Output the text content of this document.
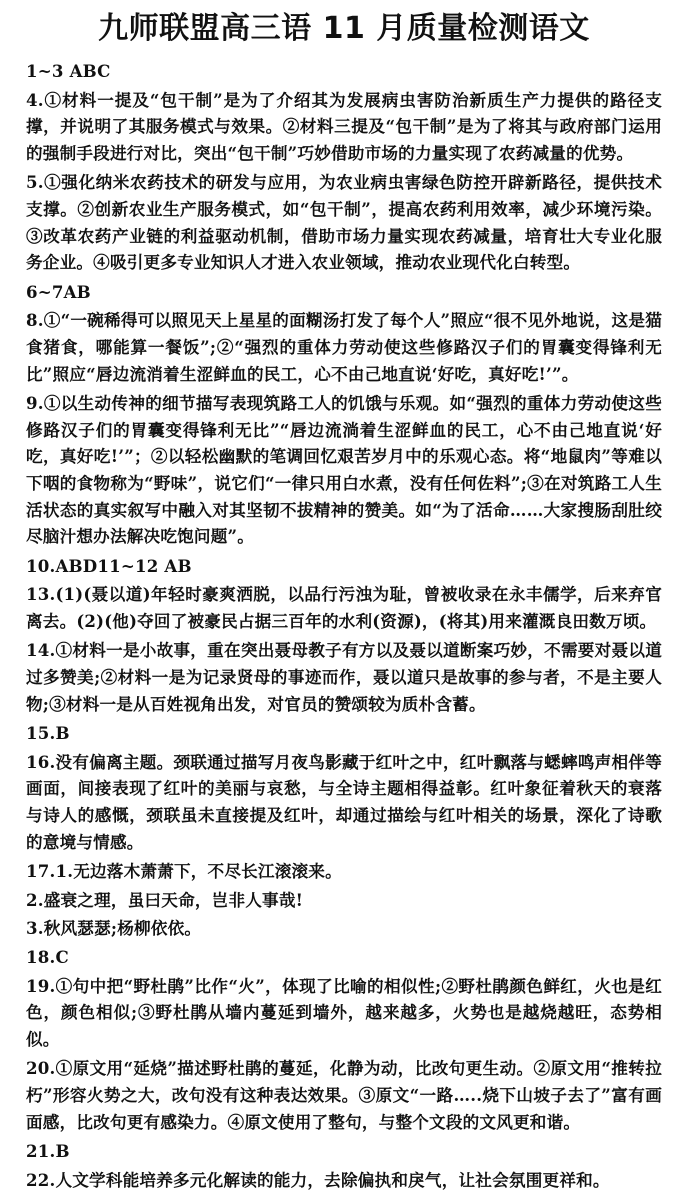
九师联盟高三语 11 月质量检测语文
1~3 ABC
4.①材料一提及“包干制”是为了介绍其为发展病虫害防治新质生产力提供的路径支撑，并说明了其服务模式与效果。②材料三提及“包干制”是为了将其与政府部门运用的强制手段进行对比，突出“包干制”巧妙借助市场的力量实现了农药减量的优势。
5.①强化纳米农药技术的研发与应用，为农业病虫害绿色防控开辟新路径，提供技术支撑。②创新农业生产服务模式，如“包干制”，提高农药利用效率，减少环境污染。③改革农药产业链的利益驱动机制，借助市场力量实现农药减量，培育壮大专业化服务企业。④吸引更多专业知识人才进入农业领域，推动农业现代化白转型。
6~7AB
8.①“一碗稀得可以照见天上星星的面糊汤打发了每个人”照应“很不见外地说，这是猫食猪食，哪能算一餐饭”;②“强烈的重体力劳动使这些修路汉子们的胃囊变得锋利无比”照应“唇边流消着生涩鲜血的民工，心不由己地直说‘好吃，真好吃!’”。
9.①以生动传神的细节描写表现筑路工人的饥饿与乐观。如“强烈的重体力劳动使这些修路汉子们的胃囊变得锋利无比”“唇边流淌着生涩鲜血的民工，心不由己地直说‘好吃，真好吃!’”；②以轻松幽默的笔调回忆艰苦岁月中的乐观心态。将“地鼠肉”等难以下咽的食物称为“野味”，说它们“一律只用白水煮，没有任何佐料”;③在对筑路工人生活状态的真实叙写中融入对其坚韧不拔精神的赞美。如“为了活命……大家搜肠刮肚绞尽脑汁想办法解决吃饱问题”。
10.ABD11~12 AB
13.(1)(聂以道)年轻时豪爽洒脱，以品行污浊为耻，曾被收录在永丰儒学，后来弃官离去。(2)(他)夺回了被豪民占据三百年的水利(资源)，(将其)用来灌溉良田数万顷。
14.①材料一是小故事，重在突出聂母教子有方以及聂以道断案巧妙，不需要对聂以道过多赞美;②材料一是为记录贤母的事迹而作，聂以道只是故事的参与者，不是主要人物;③材料一是从百姓视角出发，对官员的赞颂较为质朴含蓄。
15.B
16.没有偏离主题。颈联通过描写月夜鸟影藏于红叶之中，红叶飘落与蟋蟀鸣声相伴等画面，间接表现了红叶的美丽与哀愁，与全诗主题相得益彰。红叶象征着秋天的衰落与诗人的感慨，颈联虽未直接提及红叶，却通过描绘与红叶相关的场景，深化了诗歌的意境与情感。
17.1.无边落木萧萧下，不尽长江滚滚来。
2.盛衰之理，虽曰天命，岂非人事哉!
3.秋风瑟瑟;杨柳依依。
18.C
19.①句中把“野杜鹃”比作“火”，体现了比喻的相似性;②野杜鹃颜色鲜红，火也是红色，颜色相似;③野杜鹃从墙内蔓延到墙外，越来越多，火势也是越烧越旺，态势相似。
20.①原文用“延烧”描述野杜鹃的蔓延，化静为动，比改句更生动。②原文用“推转拉朽”形容火势之大，改句没有这种表达效果。③原文“一路…..烧下山坡子去了”富有画面感，比改句更有感染力。④原文使用了整句，与整个文段的文风更和谐。
21.B
22.人文学科能培养多元化解读的能力，去除偏执和戾气，让社会氛围更祥和。
